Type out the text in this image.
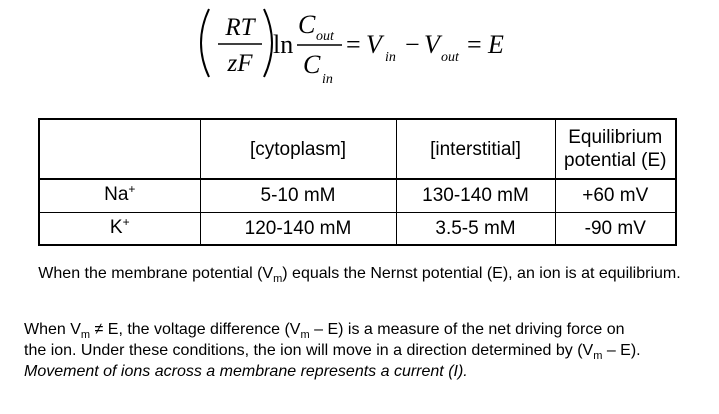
RT
zF
ln
C out
C
in
= V in − V out = E
	[cytoplasm]	[interstitial]	Equilibrium
potential (E)
Na+	5-10 mM	130-140 mM	+60 mV
K+	120-140 mM	3.5-5 mM	-90 mV
When the membrane potential $(V_m)$ equals the Nernst potential (E), an ion is at equilibrium.
When $V_m \ne E$, the voltage difference $(V_m - E)$ is a measure of the net driving force on
the ion. Under these conditions, the ion will move in a direction determined by $(V_m - E)$.
Movement of ions across a membrane represents a current (I).
